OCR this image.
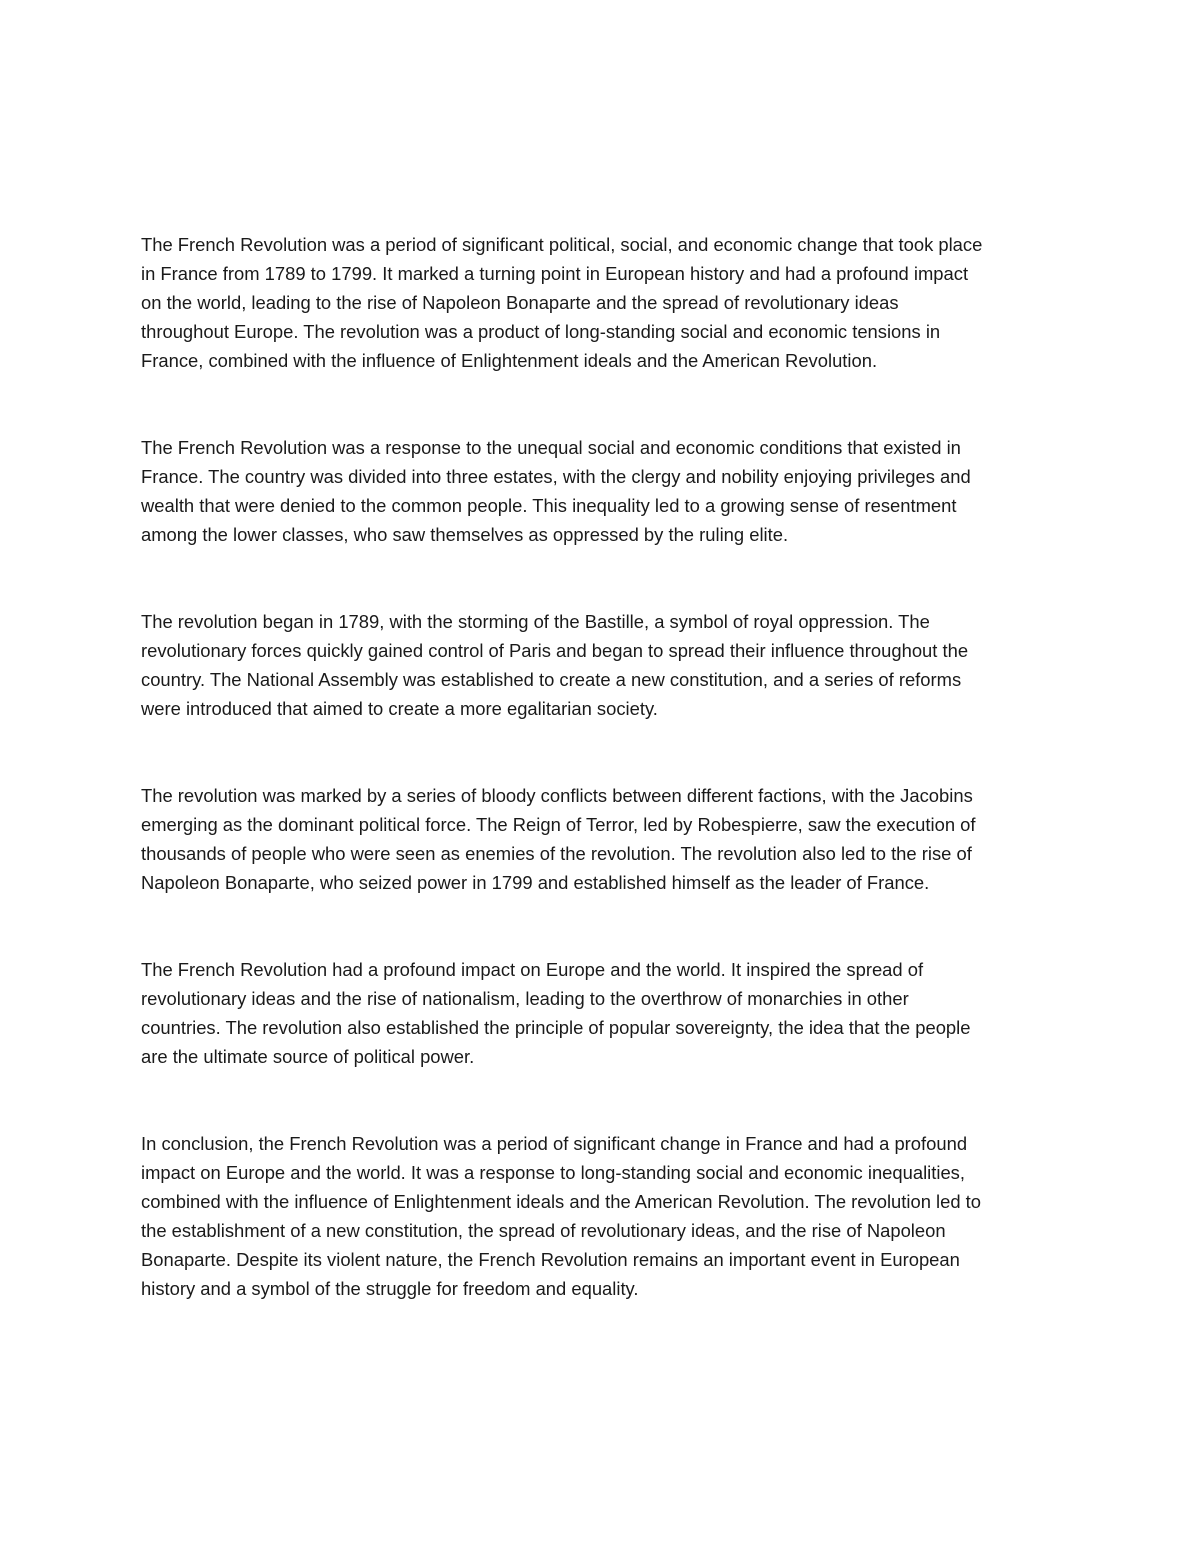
The French Revolution was a period of significant political, social, and economic change that took place
in France from 1789 to 1799. It marked a turning point in European history and had a profound impact
on the world, leading to the rise of Napoleon Bonaparte and the spread of revolutionary ideas
throughout Europe. The revolution was a product of long-standing social and economic tensions in
France, combined with the influence of Enlightenment ideals and the American Revolution.

The French Revolution was a response to the unequal social and economic conditions that existed in
France. The country was divided into three estates, with the clergy and nobility enjoying privileges and
wealth that were denied to the common people. This inequality led to a growing sense of resentment
among the lower classes, who saw themselves as oppressed by the ruling elite.

The revolution began in 1789, with the storming of the Bastille, a symbol of royal oppression. The
revolutionary forces quickly gained control of Paris and began to spread their influence throughout the
country. The National Assembly was established to create a new constitution, and a series of reforms
were introduced that aimed to create a more egalitarian society.

The revolution was marked by a series of bloody conflicts between different factions, with the Jacobins
emerging as the dominant political force. The Reign of Terror, led by Robespierre, saw the execution of
thousands of people who were seen as enemies of the revolution. The revolution also led to the rise of
Napoleon Bonaparte, who seized power in 1799 and established himself as the leader of France.

The French Revolution had a profound impact on Europe and the world. It inspired the spread of
revolutionary ideas and the rise of nationalism, leading to the overthrow of monarchies in other
countries. The revolution also established the principle of popular sovereignty, the idea that the people
are the ultimate source of political power.

In conclusion, the French Revolution was a period of significant change in France and had a profound
impact on Europe and the world. It was a response to long-standing social and economic inequalities,
combined with the influence of Enlightenment ideals and the American Revolution. The revolution led to
the establishment of a new constitution, the spread of revolutionary ideas, and the rise of Napoleon
Bonaparte. Despite its violent nature, the French Revolution remains an important event in European
history and a symbol of the struggle for freedom and equality.
